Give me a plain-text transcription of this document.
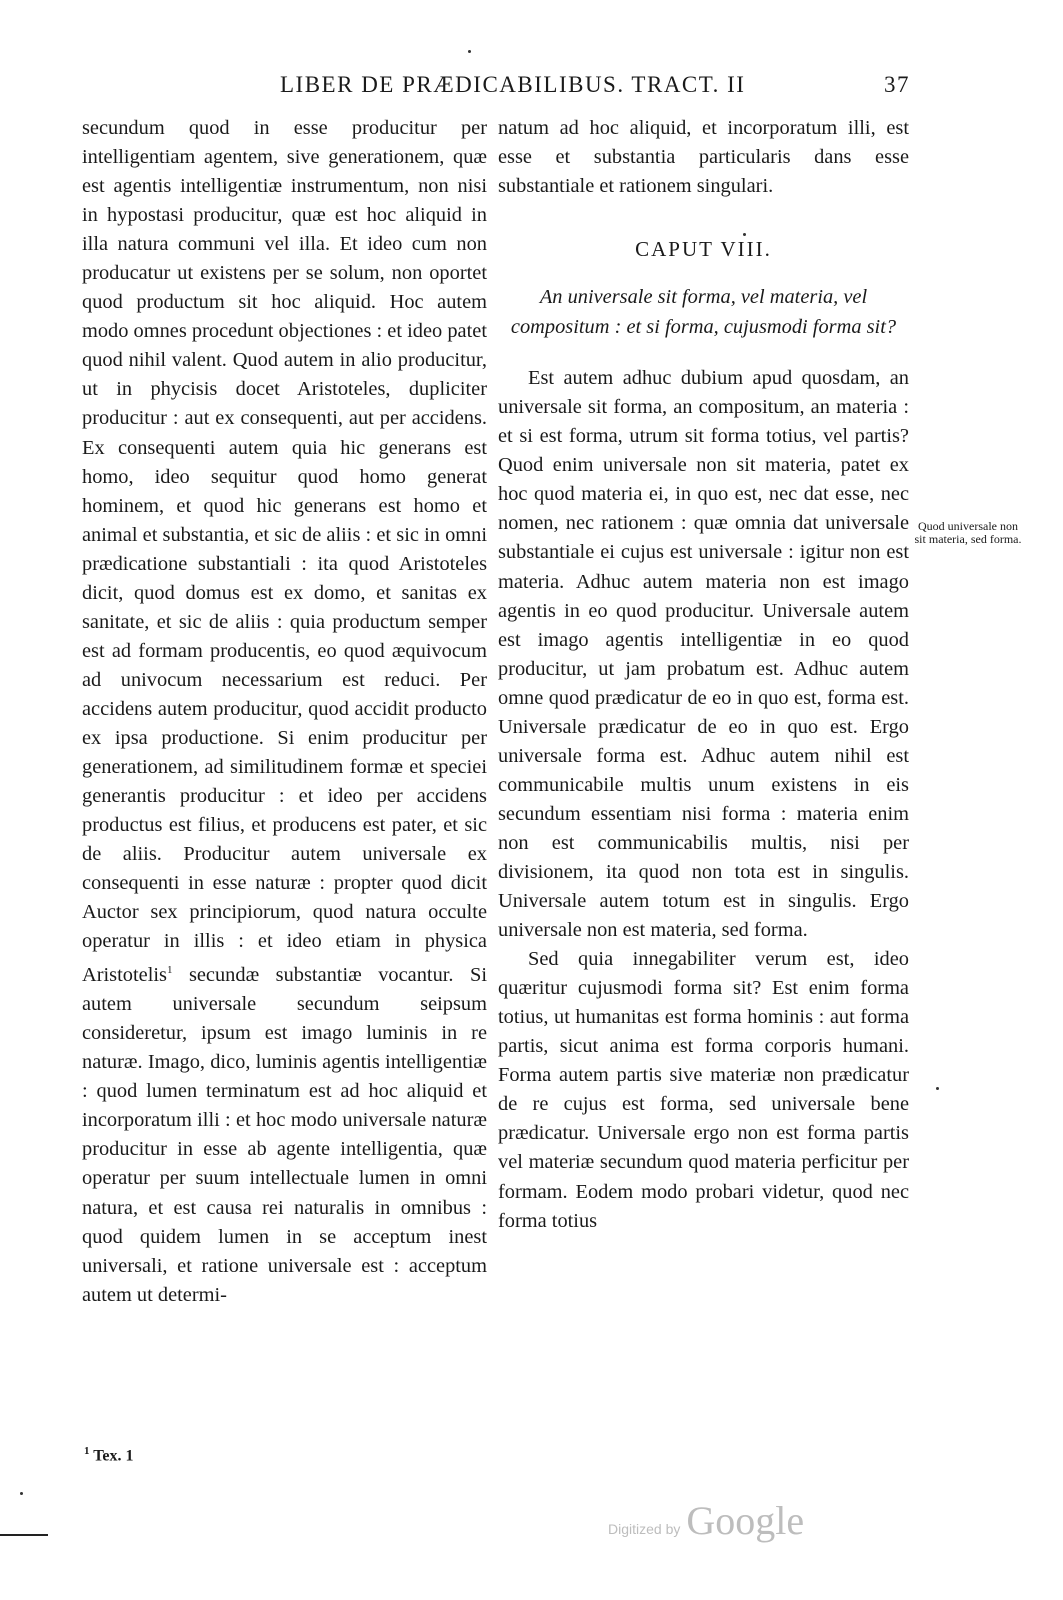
LIBER DE PRÆDICABILIBUS. TRACT. II	37

secundum quod in esse producitur per intelligentiam agentem, sive generationem, quæ est agentis intelligentiæ instrumentum, non nisi in hypostasi producitur, quæ est hoc aliquid in illa natura communi vel illa. Et ideo cum non producatur ut existens per se solum, non oportet quod productum sit hoc aliquid. Hoc autem modo omnes procedunt objectiones : et ideo patet quod nihil valent. Quod autem in alio producitur, ut in phycisis docet Aristoteles, dupliciter producitur : aut ex consequenti, aut per accidens. Ex consequenti autem quia hic generans est homo, ideo sequitur quod homo generat hominem, et quod hic generans est homo et animal et substantia, et sic de aliis : et sic in omni prædicatione substantiali : ita quod Aristoteles dicit, quod domus est ex domo, et sanitas ex sanitate, et sic de aliis : quia productum semper est ad formam producentis, eo quod æquivocum ad univocum necessarium est reduci. Per accidens autem producitur, quod accidit producto ex ipsa productione. Si enim producitur per generationem, ad similitudinem formæ et speciei generantis producitur : et ideo per accidens productus est filius, et producens est pater, et sic de aliis. Producitur autem universale ex consequenti in esse naturæ : propter quod dicit Auctor sex principiorum, quod natura occulte operatur in illis : et ideo etiam in physica Aristotelis$^1$ secundæ substantiæ vocantur. Si autem universale secundum seipsum consideretur, ipsum est imago luminis in re naturæ. Imago, dico, luminis agentis intelligentiæ : quod lumen terminatum est ad hoc aliquid et incorporatum illi : et hoc modo universale naturæ producitur in esse ab agente intelligentia, quæ operatur per suum intellectuale lumen in omni natura, et est causa rei naturalis in omnibus : quod quidem lumen in se acceptum inest universali, et ratione universale est : acceptum autem ut determi-

natum ad hoc aliquid, et incorporatum illi, est esse et substantia particularis dans esse substantiale et rationem singulari.

CAPUT VIII.
An universale sit forma, vel materia, vel compositum : et si forma, cujusmodi forma sit?

Est autem adhuc dubium apud quosdam, an universale sit forma, an compositum, an materia : et si est forma, utrum sit forma totius, vel partis? Quod enim universale non sit materia, patet ex hoc quod materia ei, in quo est, nec dat esse, nec nomen, nec rationem : quæ omnia dat universale substantiale ei cujus est universale : igitur non est materia. Adhuc autem materia non est imago agentis in eo quod producitur. Universale autem est imago agentis intelligentiæ in eo quod producitur, ut jam probatum est. Adhuc autem omne quod prædicatur de eo in quo est, forma est. Universale prædicatur de eo in quo est. Ergo universale forma est. Adhuc autem nihil est communicabile multis unum existens in eis secundum essentiam nisi forma : materia enim non est communicabilis multis, nisi per divisionem, ita quod non tota est in singulis. Universale autem totum est in singulis. Ergo universale non est materia, sed forma.

Sed quia innegabiliter verum est, ideo quæritur cujusmodi forma sit? Est enim forma totius, ut humanitas est forma hominis : aut forma partis, sicut anima est forma corporis humani. Forma autem partis sive materiæ non prædicatur de re cujus est forma, sed universale bene prædicatur. Universale ergo non est forma partis vel materiæ secundum quod materia perficitur per formam. Eodem modo probari videtur, quod nec forma totius

Quod universale non sit materia, sed forma.
$^1$ Tex. 1
Digitized by Google
